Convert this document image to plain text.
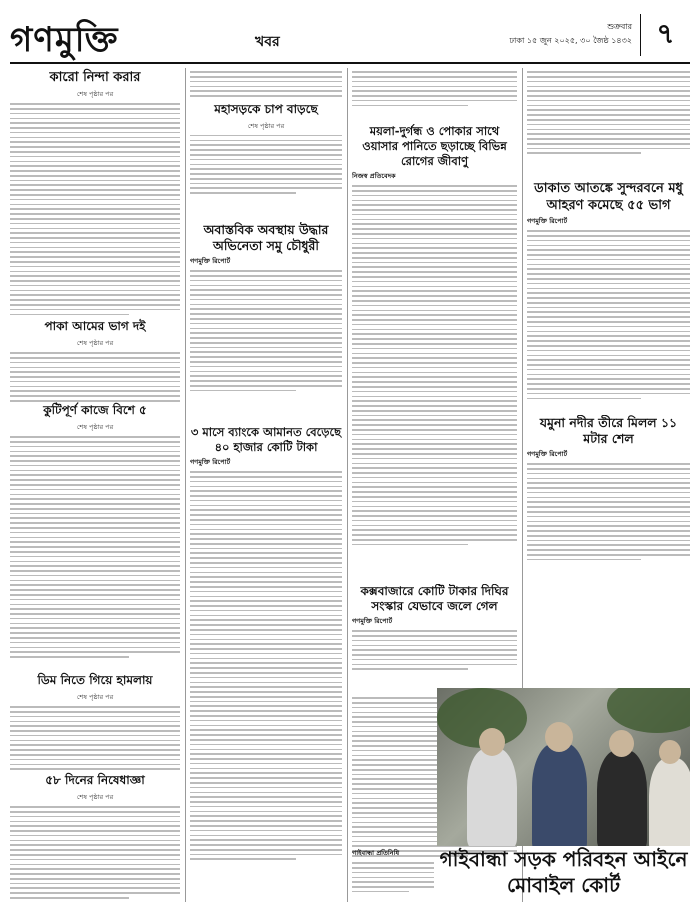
গণমুক্তি	খবর
শুক্রবার
ঢাকা ১৫ জুন ২০২৫, ৩০ জৈষ্ঠ ১৪৩২ ৭
কারো নিন্দা করার
শেষ পৃষ্ঠার পর
পাকা আমের ভাগ দই
শেষ পৃষ্ঠার পর
কুটিপূর্ণ কাজে বিশে ৫
শেষ পৃষ্ঠার পর
ডিম নিতে গিয়ে হামলায়
শেষ পৃষ্ঠার পর
৫৮ দিনের নিষেধাজ্ঞা
শেষ পৃষ্ঠার পর
মহাসড়কে চাপ বাড়ছে
শেষ পৃষ্ঠার পর
অবাস্তবিক অবস্থায় উদ্ধার অভিনেতা সমু চৌধুরী
গণমুক্তি রিপোর্ট
৩ মাসে ব্যাংকে আমানত বেড়েছে ৪০ হাজার কোটি টাকা
গণমুক্তি রিপোর্ট
ময়লা-দুর্গন্ধ ও পোকার সাথে ওয়াসার পানিতে ছড়াচ্ছে বিভিন্ন রোগের জীবাণু
নিজস্ব প্রতিবেদক
কক্সবাজারে কোটি টাকার দিঘির সংস্কার যেভাবে জলে গেল
গণমুক্তি রিপোর্ট
ডাকাত আতঙ্কে সুন্দরবনে মধু আহরণ কমেছে ৫৫ ভাগ
গণমুক্তি রিপোর্ট
যমুনা নদীর তীরে মিলল ১১ মটার শেল
গণমুক্তি রিপোর্ট
গাইবান্ধা সড়ক পরিবহন আইনে মোবাইল কোর্ট
গাইবান্ধা প্রতিনিধি
